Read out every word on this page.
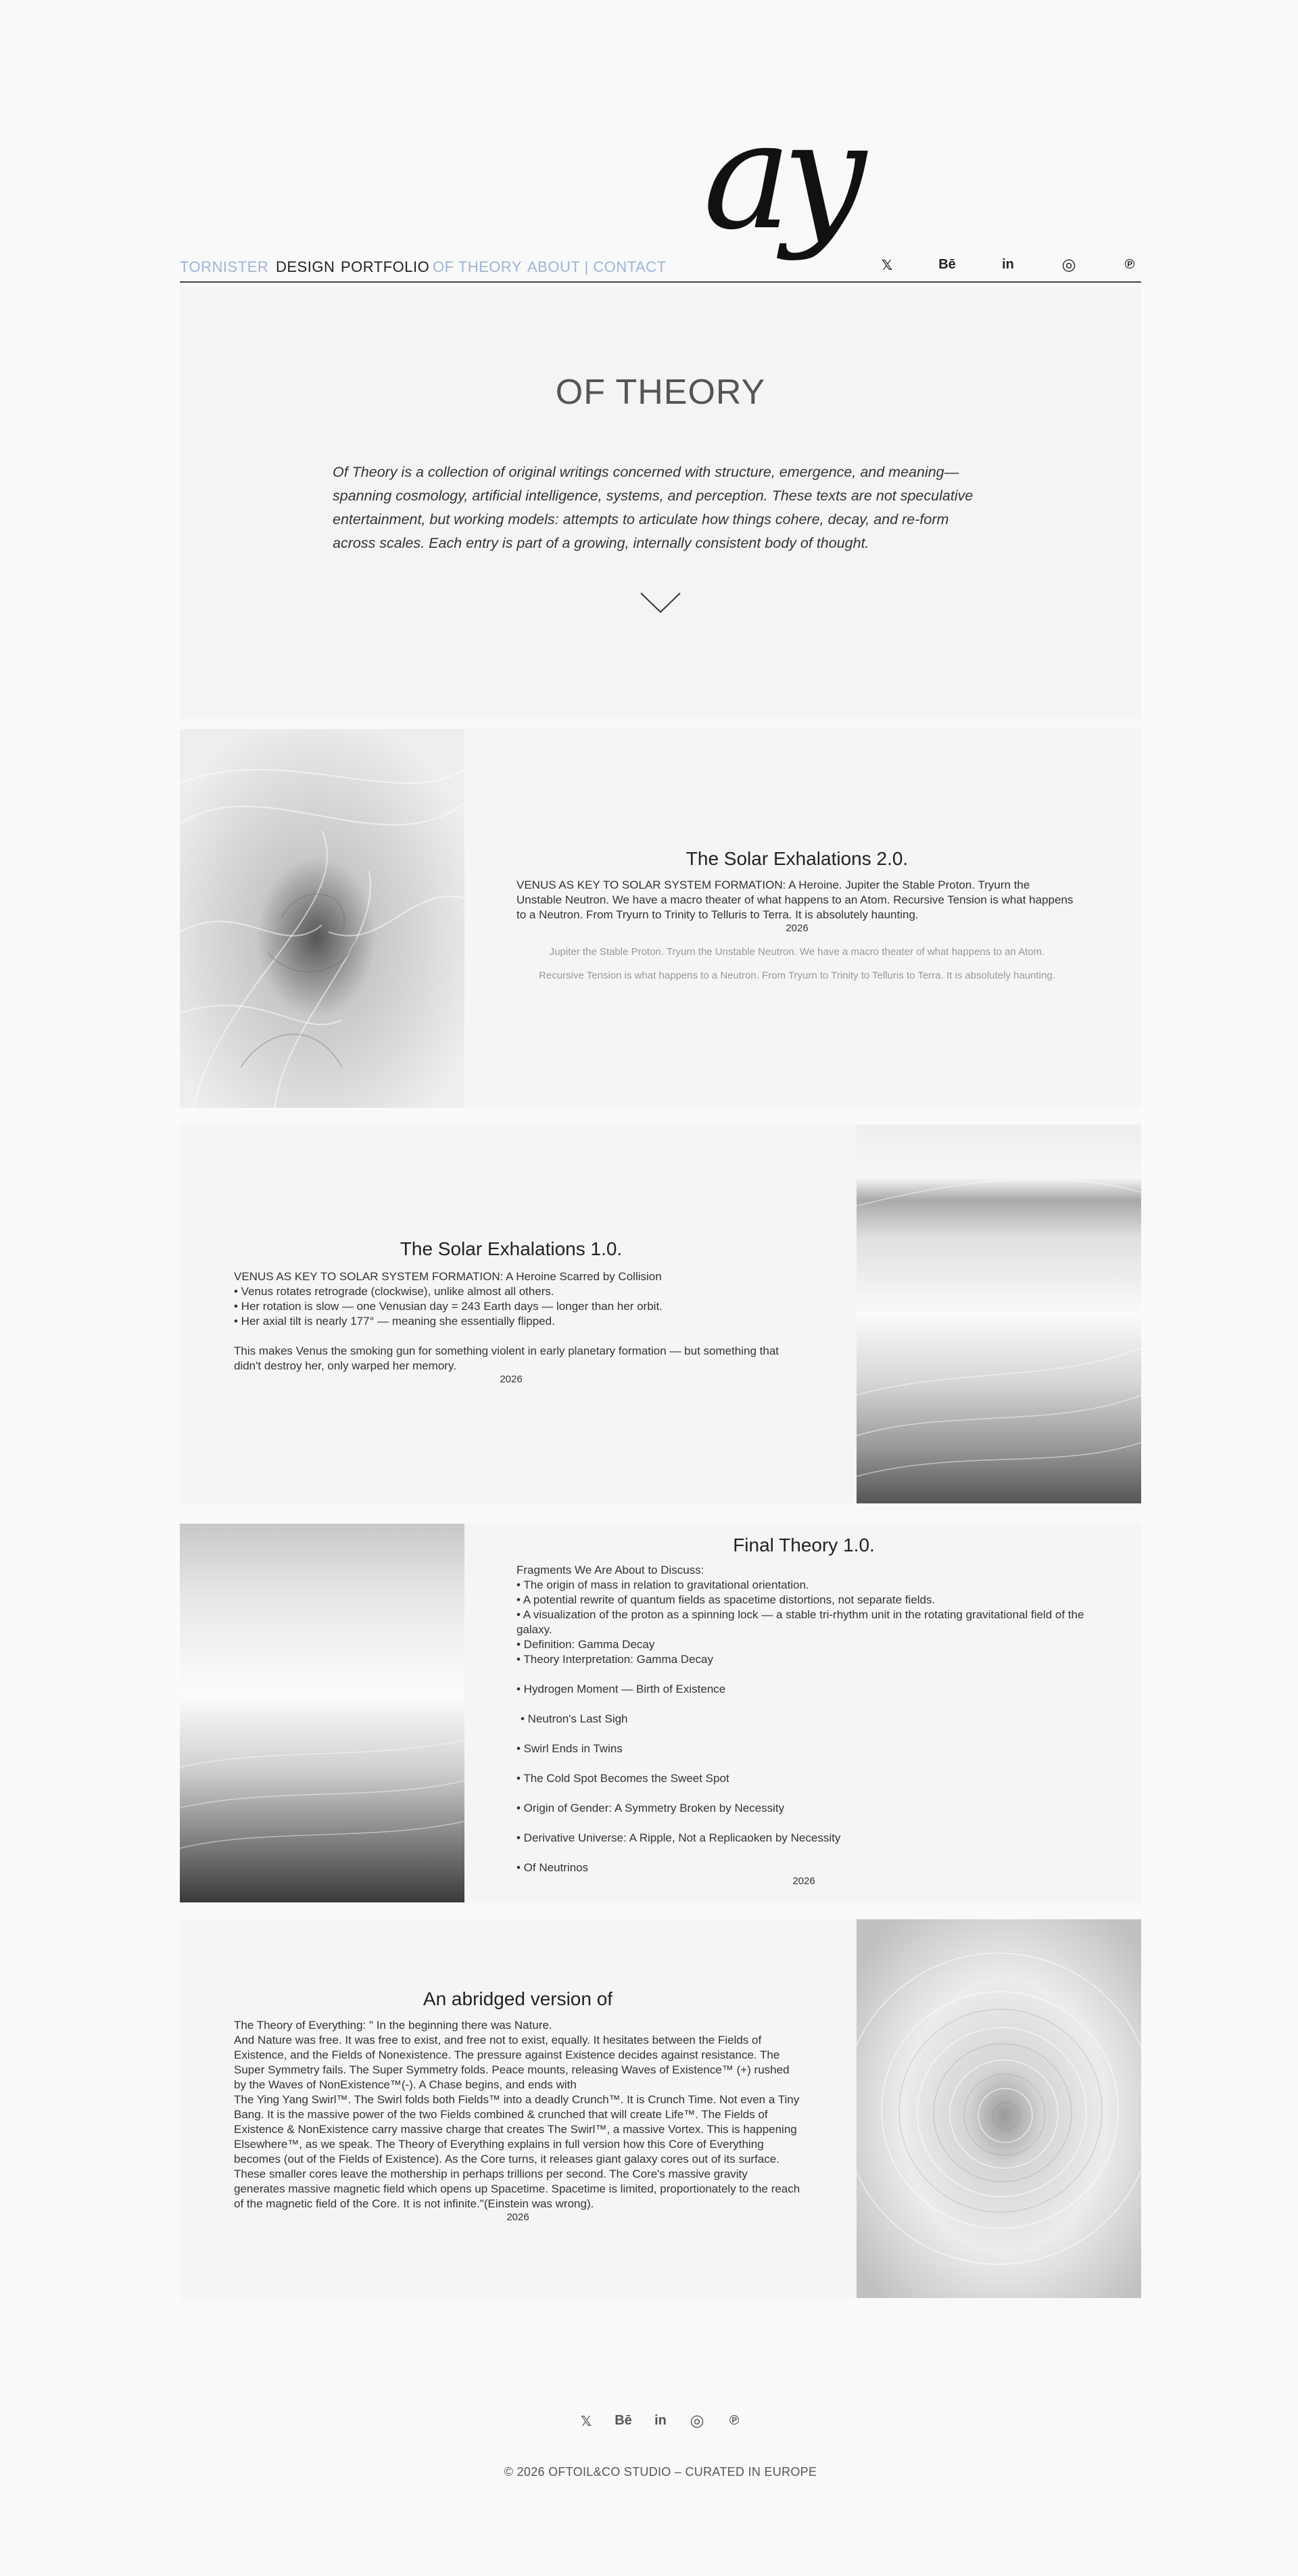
ay
TORNISTER DESIGN PORTFOLIO OF THEORY ABOUT | CONTACT	𝕏	Bē	in	◎	℗
OF THEORY

Of Theory is a collection of original writings concerned with structure, emergence, and meaning—spanning cosmology, artificial intelligence, systems, and perception. These texts are not speculative entertainment, but working models: attempts to articulate how things cohere, decay, and re-form across scales. Each entry is part of a growing, internally consistent body of thought.

The Solar Exhalations 2.0.
VENUS AS KEY TO SOLAR SYSTEM FORMATION: A Heroine. Jupiter the Stable Proton. Tryurn the Unstable Neutron. We have a macro theater of what happens to an Atom. Recursive Tension is what happens to a Neutron. From Tryurn to Trinity to Telluris to Terra. It is absolutely haunting.
2026
Jupiter the Stable Proton. Tryurn the Unstable Neutron. We have a macro theater of what happens to an Atom.
Recursive Tension is what happens to a Neutron. From Tryurn to Trinity to Telluris to Terra. It is absolutely haunting.
The Solar Exhalations 1.0.
VENUS AS KEY TO SOLAR SYSTEM FORMATION: A Heroine Scarred by Collision
• Venus rotates retrograde (clockwise), unlike almost all others.
• Her rotation is slow — one Venusian day = 243 Earth days — longer than her orbit.
• Her axial tilt is nearly 177° — meaning she essentially flipped.
This makes Venus the smoking gun for something violent in early planetary formation — but something that didn't destroy her, only warped her memory.
2026
Final Theory 1.0.
Fragments We Are About to Discuss:
• The origin of mass in relation to gravitational orientation.
• A potential rewrite of quantum fields as spacetime distortions, not separate fields.
• A visualization of the proton as a spinning lock — a stable tri-rhythm unit in the rotating gravitational field of the galaxy.
• Definition: Gamma Decay
• Theory Interpretation: Gamma Decay
• Hydrogen Moment — Birth of Existence
• Neutron's Last Sigh
• Swirl Ends in Twins
• The Cold Spot Becomes the Sweet Spot
• Origin of Gender: A Symmetry Broken by Necessity
• Derivative Universe: A Ripple, Not a Replicaoken by Necessity
• Of Neutrinos
2026
An abridged version of
The Theory of Everything: " In the beginning there was Nature.
And Nature was free. It was free to exist, and free not to exist, equally. It hesitates between the Fields of Existence, and the Fields of Nonexistence. The pressure against Existence decides against resistance. The Super Symmetry fails. The Super Symmetry folds. Peace mounts, releasing Waves of Existence™ (+) rushed by the Waves of NonExistence™(-). A Chase begins, and ends with
The Ying Yang Swirl™. The Swirl folds both Fields™ into a deadly Crunch™. It is Crunch Time. Not even a Tiny Bang. It is the massive power of the two Fields combined & crunched that will create Life™. The Fields of Existence & NonExistence carry massive charge that creates The Swirl™, a massive Vortex. This is happening Elsewhere™, as we speak. The Theory of Everything explains in full version how this Core of Everything becomes (out of the Fields of Existence). As the Core turns, it releases giant galaxy cores out of its surface. These smaller cores leave the mothership in perhaps trillions per second. The Core's massive gravity generates massive magnetic field which opens up Spacetime. Spacetime is limited, proportionately to the reach of the magnetic field of the Core. It is not infinite."(Einstein was wrong).
2026
𝕏	Bē	in ◎	℗
© 2026 OFTOIL&CO STUDIO – CURATED IN EUROPE
